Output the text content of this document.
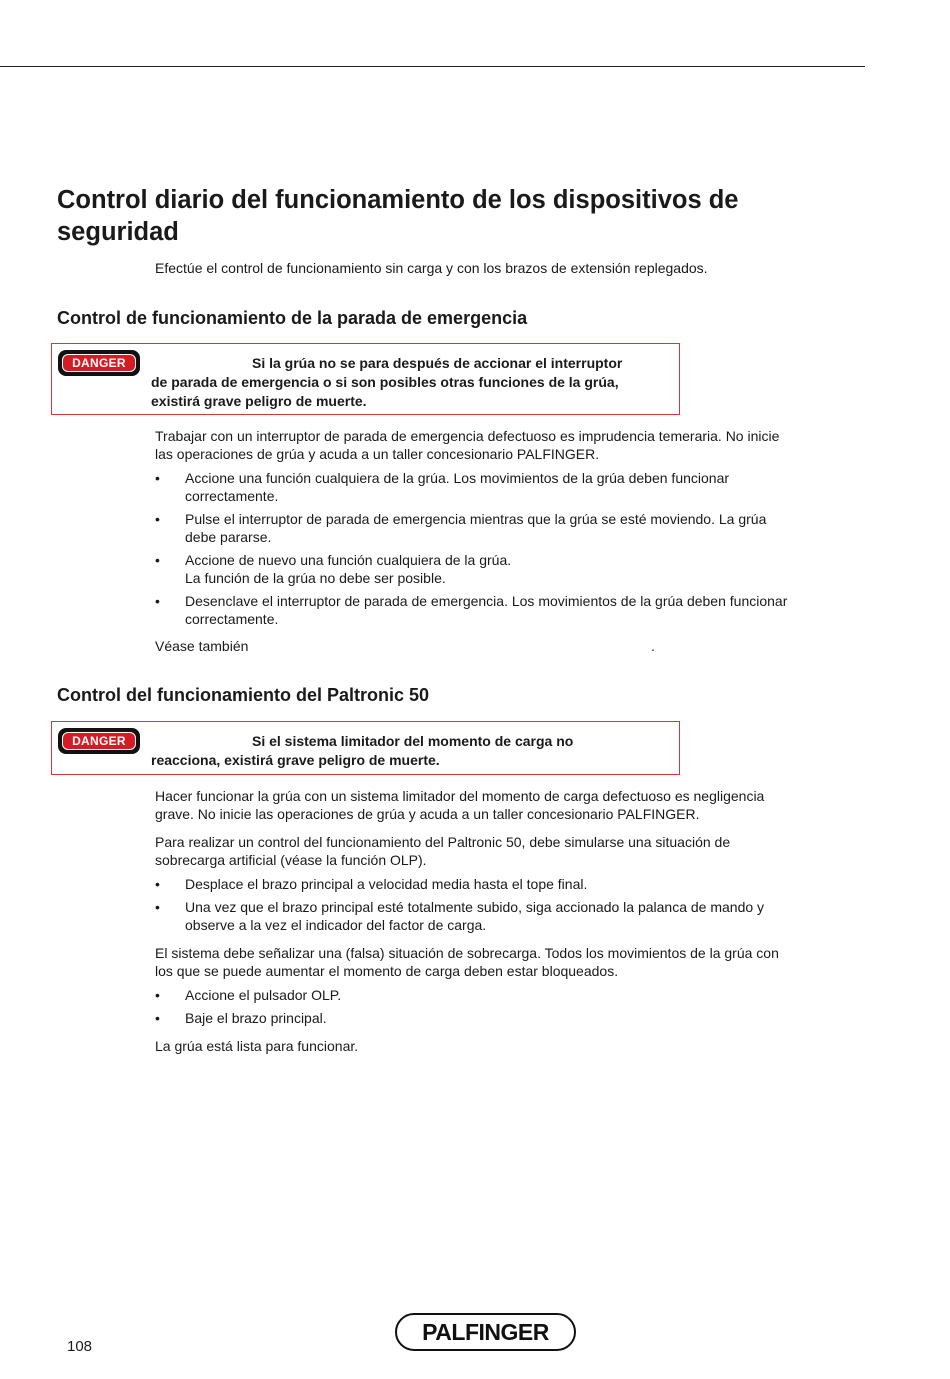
Control diario del funcionamiento de los dispositivos de seguridad

Efectúe el control de funcionamiento sin carga y con los brazos de extensión replegados.

Control de funcionamiento de la parada de emergencia
DANGER	Si la grúa no se para después de accionar el interruptor
de parada de emergencia o si son posibles otras funciones de la grúa,
existirá grave peligro de muerte.

Trabajar con un interruptor de parada de emergencia defectuoso es imprudencia temeraria. No inicie
las operaciones de grúa y acuda a un taller concesionario PALFINGER.

• Accione una función cualquiera de la grúa. Los movimientos de la grúa deben funcionar
correctamente.
• Pulse el interruptor de parada de emergencia mientras que la grúa se esté moviendo. La grúa
debe pararse.
• Accione de nuevo una función cualquiera de la grúa.
La función de la grúa no debe ser posible.
• Desenclave el interruptor de parada de emergencia. Los movimientos de la grúa deben funcionar
correctamente.

Véase también	.

Control del funcionamiento del Paltronic 50
DANGER	Si el sistema limitador del momento de carga no
reacciona, existirá grave peligro de muerte.

Hacer funcionar la grúa con un sistema limitador del momento de carga defectuoso es negligencia
grave. No inicie las operaciones de grúa y acuda a un taller concesionario PALFINGER.

Para realizar un control del funcionamiento del Paltronic 50, debe simularse una situación de
sobrecarga artificial (véase la función OLP).

• Desplace el brazo principal a velocidad media hasta el tope final.
• Una vez que el brazo principal esté totalmente subido, siga accionado la palanca de mando y
observe a la vez el indicador del factor de carga.

El sistema debe señalizar una (falsa) situación de sobrecarga. Todos los movimientos de la grúa con
los que se puede aumentar el momento de carga deben estar bloqueados.

• Accione el pulsador OLP.
• Baje el brazo principal.

La grúa está lista para funcionar.

108
PALFINGER
